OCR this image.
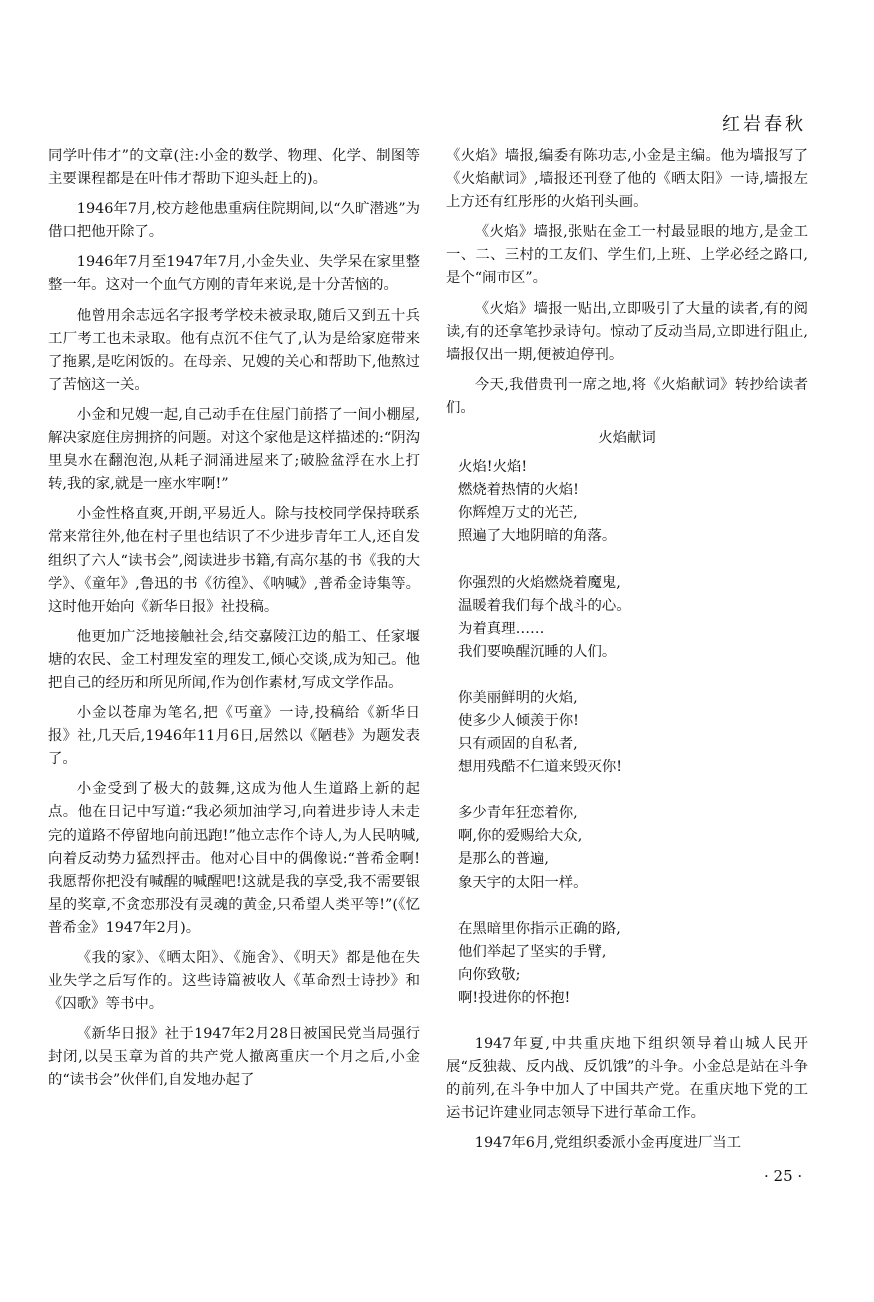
红岩春秋

同学叶伟才”的文章(注:小金的数学、物理、化学、制图等主要课程都是在叶伟才帮助下迎头赶上的)。

1946年7月,校方趁他患重病住院期间,以“久旷潜逃”为借口把他开除了。

1946年7月至1947年7月,小金失业、失学呆在家里整整一年。这对一个血气方刚的青年来说,是十分苦恼的。

他曾用余志远名字报考学校未被录取,随后又到五十兵工厂考工也未录取。他有点沉不住气了,认为是给家庭带来了拖累,是吃闲饭的。在母亲、兄嫂的关心和帮助下,他熬过了苦恼这一关。

小金和兄嫂一起,自己动手在住屋门前搭了一间小棚屋,解决家庭住房拥挤的问题。对这个家他是这样描述的:“阴沟里臭水在翻泡泡,从耗子洞涌进屋来了;破脸盆浮在水上打转,我的家,就是一座水牢啊!”

小金性格直爽,开朗,平易近人。除与技校同学保持联系常来常往外,他在村子里也结识了不少进步青年工人,还自发组织了六人“读书会”,阅读进步书籍,有高尔基的书《我的大学》、《童年》,鲁迅的书《彷徨》、《呐喊》,普希金诗集等。这时他开始向《新华日报》社投稿。

他更加广泛地接触社会,结交嘉陵江边的船工、任家堰塘的农民、金工村理发室的理发工,倾心交谈,成为知己。他把自己的经历和所见所闻,作为创作素材,写成文学作品。

小金以苍扉为笔名,把《丐童》一诗,投稿给《新华日报》社,几天后,1946年11月6日,居然以《陋巷》为题发表了。

小金受到了极大的鼓舞,这成为他人生道路上新的起点。他在日记中写道:“我必须加油学习,向着进步诗人未走完的道路不停留地向前迅跑!”他立志作个诗人,为人民呐喊,向着反动势力猛烈抨击。他对心目中的偶像说:“普希金啊!我愿帮你把没有喊醒的喊醒吧!这就是我的享受,我不需要银星的奖章,不贪恋那没有灵魂的黄金,只希望人类平等!”(《忆普希金》1947年2月)。

《我的家》、《晒太阳》、《施舍》、《明天》都是他在失业失学之后写作的。这些诗篇被收人《革命烈士诗抄》和《囚歌》等书中。

《新华日报》社于1947年2月28日被国民党当局强行封闭,以吴玉章为首的共产党人撤离重庆一个月之后,小金的“读书会”伙伴们,自发地办起了

《火焰》墙报,编委有陈功志,小金是主编。他为墙报写了《火焰献词》,墙报还刊登了他的《晒太阳》一诗,墙报左上方还有红彤彤的火焰刊头画。

《火焰》墙报,张贴在金工一村最显眼的地方,是金工一、二、三村的工友们、学生们,上班、上学必经之路口,是个“闹市区”。

《火焰》墙报一贴出,立即吸引了大量的读者,有的阅读,有的还拿笔抄录诗句。惊动了反动当局,立即进行阻止,墙报仅出一期,便被迫停刊。

今天,我借贵刊一席之地,将《火焰献词》转抄给读者们。

火焰献词
火焰!火焰!
燃烧着热情的火焰!
你辉煌万丈的光芒,
照遍了大地阴暗的角落。
你强烈的火焰燃烧着魔鬼,
温暖着我们每个战斗的心。
为着真理……
我们要唤醒沉睡的人们。
你美丽鲜明的火焰,
使多少人倾羡于你!
只有顽固的自私者,
想用残酷不仁道来毁灭你!
多少青年狂恋着你,
啊,你的爱赐给大众,
是那么的普遍,
象天宇的太阳一样。
在黑暗里你指示正确的路,
他们举起了坚实的手臂,
向你致敬;
啊!投进你的怀抱!

1947年夏,中共重庆地下组织领导着山城人民开展“反独裁、反内战、反饥饿”的斗争。小金总是站在斗争的前列,在斗争中加人了中国共产党。在重庆地下党的工运书记许建业同志领导下进行革命工作。

1947年6月,党组织委派小金再度进厂当工

· 25 ·
